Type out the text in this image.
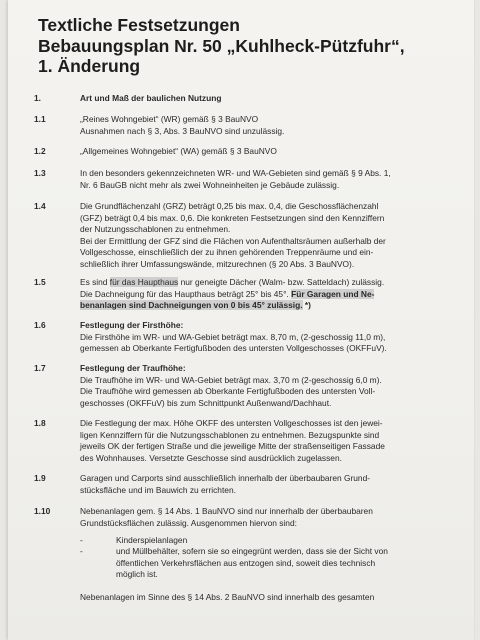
Textliche Festsetzungen
Bebauungsplan Nr. 50 „Kuhlheck-Pützfuhr“,
1. Änderung
1.	Art und Maß der baulichen Nutzung
1.1	„Reines Wohngebiet“ (WR) gemäß § 3 BauNVO
Ausnahmen nach § 3, Abs. 3 BauNVO sind unzulässig.
1.2	„Allgemeines Wohngebiet“ (WA) gemäß § 3 BauNVO
1.3	In den besonders gekennzeichneten WR- und WA-Gebieten sind gemäß § 9 Abs. 1,
Nr. 6 BauGB nicht mehr als zwei Wohneinheiten je Gebäude zulässig.
1.4	Die Grundflächenzahl (GRZ) beträgt 0,25 bis max. 0,4, die Geschossflächenzahl
(GFZ) beträgt 0,4 bis max. 0,6. Die konkreten Festsetzungen sind den Kennziffern
der Nutzungsschablonen zu entnehmen.
Bei der Ermittlung der GFZ sind die Flächen von Aufenthaltsräumen außerhalb der
Vollgeschosse, einschließlich der zu ihnen gehörenden Treppenräume und ein-
schließlich ihrer Umfassungswände, mitzurechnen (§ 20 Abs. 3 BauNVO).
1.5	Es sind für das Haupthaus nur geneigte Dächer (Walm- bzw. Satteldach) zulässig.
Die Dachneigung für das Haupthaus beträgt 25° bis 45°. Für Garagen und Ne-
benanlagen sind Dachneigungen von 0 bis 45° zulässig. *)
1.6	Festlegung der Firsthöhe:
Die Firsthöhe im WR- und WA-Gebiet beträgt max. 8,70 m, (2-geschossig 11,0 m),
gemessen ab Oberkante Fertigfußboden des untersten Vollgeschosses (OKFFuV).
1.7	Festlegung der Traufhöhe:
Die Traufhöhe im WR- und WA-Gebiet beträgt max. 3,70 m (2-geschossig 6,0 m).
Die Traufhöhe wird gemessen ab Oberkante Fertigfußboden des untersten Voll-
geschosses (OKFFuV) bis zum Schnittpunkt Außenwand/Dachhaut.
1.8	Die Festlegung der max. Höhe OKFF des untersten Vollgeschosses ist den jewei-
ligen Kennziffern für die Nutzungsschablonen zu entnehmen. Bezugspunkte sind
jeweils OK der fertigen Straße und die jeweilige Mitte der straßenseitigen Fassade
des Wohnhauses. Versetzte Geschosse sind ausdrücklich zugelassen.
1.9	Garagen und Carports sind ausschließlich innerhalb der überbaubaren Grund-
stücksfläche und im Bauwich zu errichten.
1.10	Nebenanlagen gem. § 14 Abs. 1 BauNVO sind nur innerhalb der überbaubaren
Grundstücksflächen zulässig. Ausgenommen hiervon sind:
-	Kinderspielanlagen
-	und Müllbehälter, sofern sie so eingegrünt werden, dass sie der Sicht von
öffentlichen Verkehrsflächen aus entzogen sind, soweit dies technisch
möglich ist.
Nebenanlagen im Sinne des § 14 Abs. 2 BauNVO sind innerhalb des gesamten
